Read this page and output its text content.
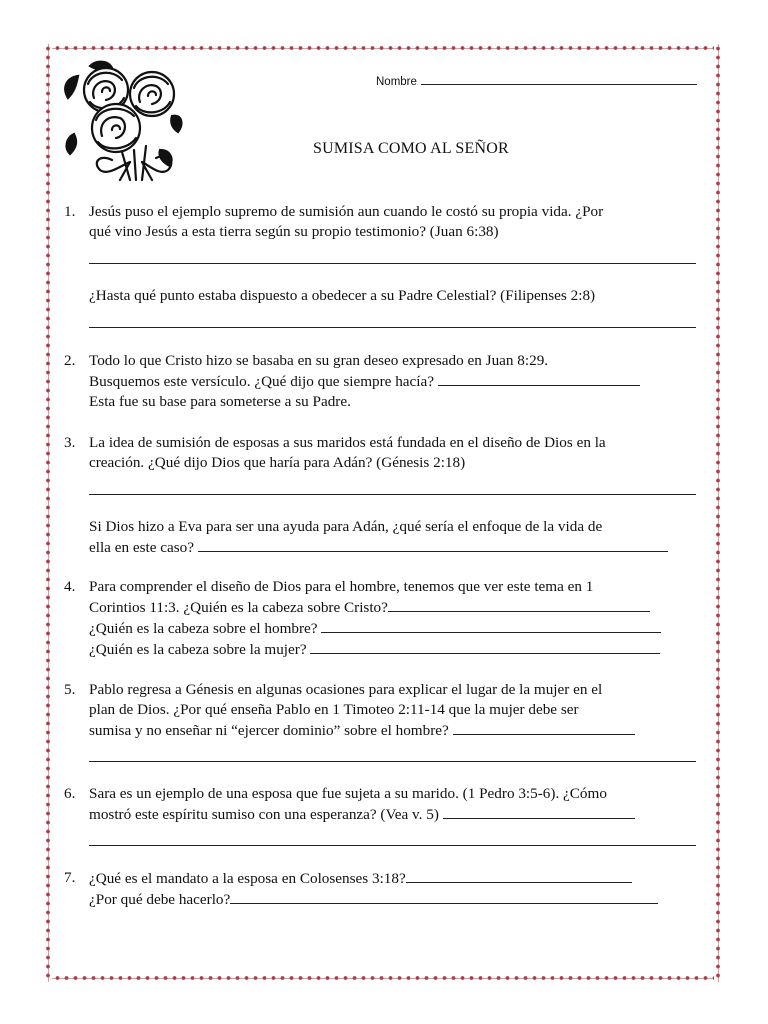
Nombre
SUMISA COMO AL SEÑOR
1. Jesús puso el ejemplo supremo de sumisión aun cuando le costó su propia vida. ¿Por
qué vino Jesús a esta tierra según su propio testimonio? (Juan 6:38)
¿Hasta qué punto estaba dispuesto a obedecer a su Padre Celestial? (Filipenses 2:8)
2. Todo lo que Cristo hizo se basaba en su gran deseo expresado en Juan 8:29.
Busquemos este versículo. ¿Qué dijo que siempre hacía?
Esta fue su base para someterse a su Padre.
3. La idea de sumisión de esposas a sus maridos está fundada en el diseño de Dios en la
creación. ¿Qué dijo Dios que haría para Adán? (Génesis 2:18)
Si Dios hizo a Eva para ser una ayuda para Adán, ¿qué sería el enfoque de la vida de
ella en este caso?
4. Para comprender el diseño de Dios para el hombre, tenemos que ver este tema en 1
Corintios 11:3. ¿Quién es la cabeza sobre Cristo?
¿Quién es la cabeza sobre el hombre?
¿Quién es la cabeza sobre la mujer?
5. Pablo regresa a Génesis en algunas ocasiones para explicar el lugar de la mujer en el
plan de Dios. ¿Por qué enseña Pablo en 1 Timoteo 2:11-14 que la mujer debe ser
sumisa y no enseñar ni “ejercer dominio” sobre el hombre?
6. Sara es un ejemplo de una esposa que fue sujeta a su marido. (1 Pedro 3:5-6). ¿Cómo
mostró este espíritu sumiso con una esperanza? (Vea v. 5)
7. ¿Qué es el mandato a la esposa en Colosenses 3:18?
¿Por qué debe hacerlo?
